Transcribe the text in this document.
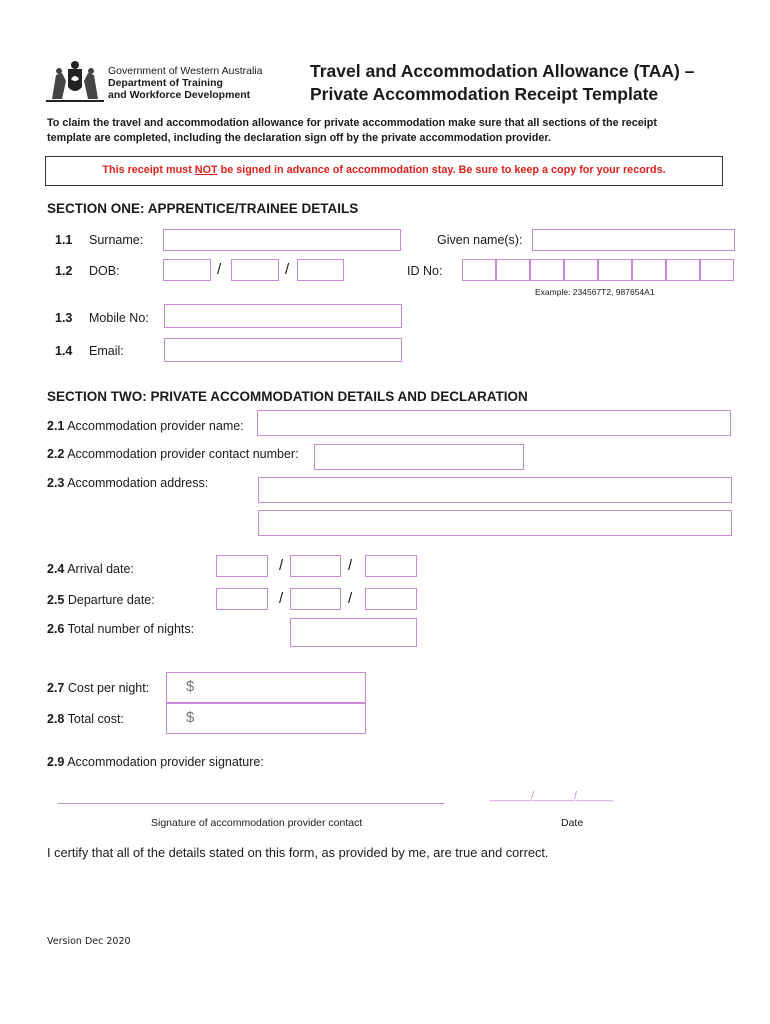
Government of Western Australia
Department of Training
and Workforce Development
Travel and Accommodation Allowance (TAA) –
Private Accommodation Receipt Template
To claim the travel and accommodation allowance for private accommodation make sure that all sections of the receipt
template are completed, including the declaration sign off by the private accommodation provider.
This receipt must NOT be signed in advance of accommodation stay. Be sure to keep a copy for your records.
SECTION ONE: APPRENTICE/TRAINEE DETAILS
1.1 Surname:	Given name(s):
1.2 DOB:	/	/	ID No:
Example: 234567T2, 987654A1
1.3 Mobile No:
1.4 Email:
SECTION TWO: PRIVATE ACCOMMODATION DETAILS AND DECLARATION
2.1 Accommodation provider name:
2.2 Accommodation provider contact number:
2.3 Accommodation address:
2.4 Arrival date:	/	/
2.5 Departure date:	/	/
2.6 Total number of nights:
2.7 Cost per night: $
2.8 Total cost:	$
2.9 Accommodation provider signature:
________/________/_______
Signature of accommodation provider contact	Date
I certify that all of the details stated on this form, as provided by me, are true and correct.
Version Dec 2020
